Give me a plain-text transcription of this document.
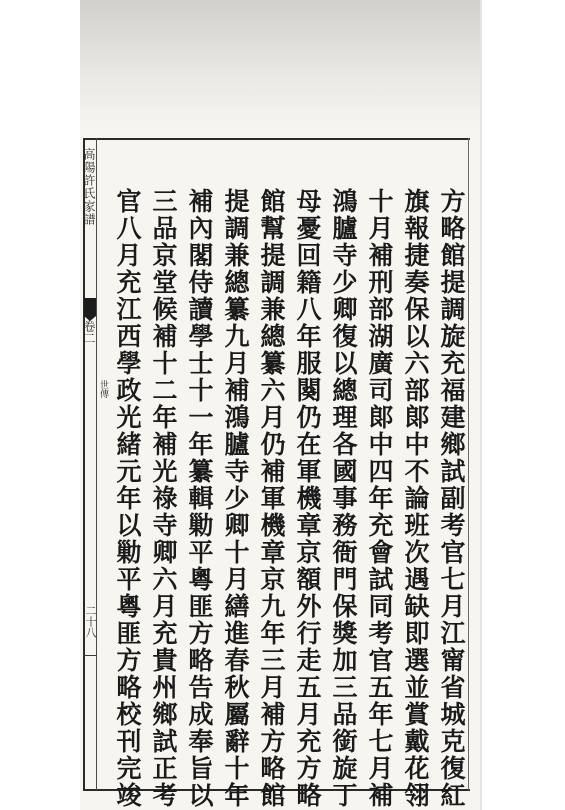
高陽許氏家譜
卷二
世傳
二十八	方略館提調旋充福建鄉試副考官七月江甯省城克復紅
旗報捷奏保以六部郞中不論班次遇缺即選並賞戴花翎
十月補刑部湖廣司郞中四年充會試同考官五年七月補
鴻臚寺少卿復以總理各國事務衙門保獎加三品銜旋丁
母憂回籍八年服闋仍在軍機章京額外行走五月充方略
館幫提調兼總纂六月仍補軍機章京九年三月補方略館
提調兼總纂九月補鴻臚寺少卿十月繕進春秋屬辭十年
補內閣侍讀學士十一年纂輯勦平粵匪方略告成奉旨以
三品京堂候補十二年補光祿寺卿六月充貴州鄉試正考
官八月充江西學政光緒元年以勦平粵匪方略校刊完竣
